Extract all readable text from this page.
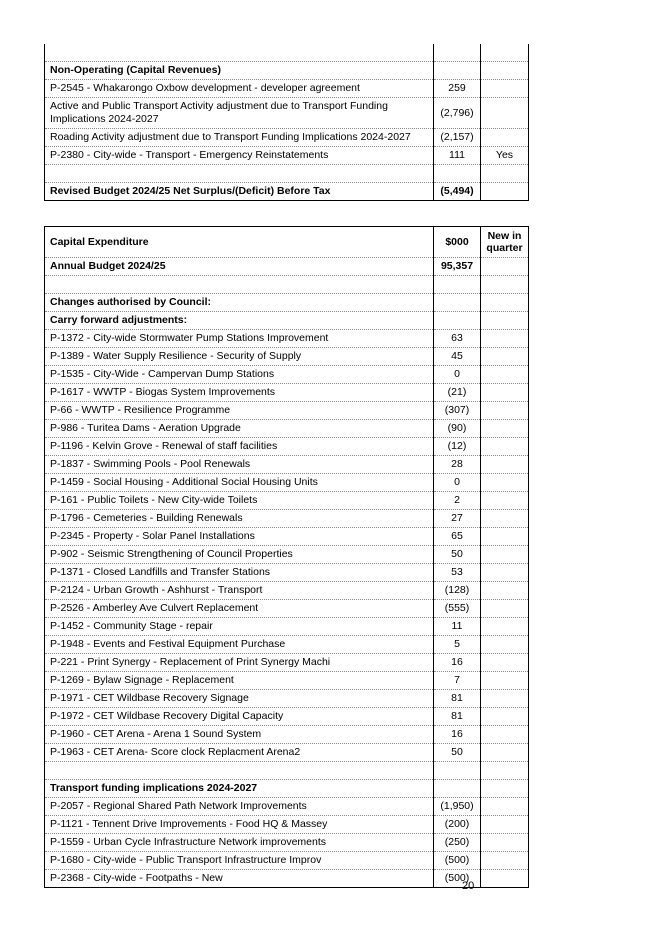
Non-Operating (Capital Revenues)		
P-2545 - Whakarongo Oxbow development - developer agreement	259	
Active and Public Transport Activity adjustment due to Transport Funding Implications 2024-2027	(2,796)	
Roading Activity adjustment due to Transport Funding Implications 2024-2027	(2,157)	
P-2380 - City-wide - Transport - Emergency Reinstatements	111	Yes

Revised Budget 2024/25 Net Surplus/(Deficit) Before Tax	(5,494)	
Capital Expenditure	$000	New in quarter
Annual Budget 2024/25	95,357	

Changes authorised by Council:		
Carry forward adjustments:		
P-1372 - City-wide Stormwater Pump Stations Improvement	63	
P-1389 - Water Supply Resilience - Security of Supply	45	
P-1535 - City-Wide - Campervan Dump Stations	0	
P-1617 - WWTP - Biogas System Improvements	(21)	
P-66 - WWTP - Resilience Programme	(307)	
P-986 - Turitea Dams - Aeration Upgrade	(90)	
P-1196 - Kelvin Grove - Renewal of staff facilities	(12)	
P-1837 - Swimming Pools - Pool Renewals	28	
P-1459 - Social Housing - Additional Social Housing Units	0	
P-161 - Public Toilets - New City-wide Toilets	2	
P-1796 - Cemeteries - Building Renewals	27	
P-2345 - Property - Solar Panel Installations	65	
P-902 - Seismic Strengthening of Council Properties	50	
P-1371 - Closed Landfills and Transfer Stations	53	
P-2124 - Urban Growth - Ashhurst - Transport	(128)	
P-2526 - Amberley Ave Culvert Replacement	(555)	
P-1452 - Community Stage - repair	11	
P-1948 - Events and Festival Equipment Purchase	5	
P-221 - Print Synergy - Replacement of Print Synergy Machi	16	
P-1269 - Bylaw Signage - Replacement	7	
P-1971 - CET Wildbase Recovery Signage	81	
P-1972 - CET Wildbase Recovery Digital Capacity	81	
P-1960 - CET Arena - Arena 1 Sound System	16	
P-1963 - CET Arena- Score clock Replacment Arena2	50	

Transport funding implications 2024-2027		
P-2057 - Regional Shared Path Network Improvements	(1,950)	
P-1121 - Tennent Drive Improvements - Food HQ & Massey	(200)	
P-1559 - Urban Cycle Infrastructure Network improvements	(250)	
P-1680 - City-wide - Public Transport Infrastructure Improv	(500)	
P-2368 - City-wide - Footpaths - New	(500)	
20
